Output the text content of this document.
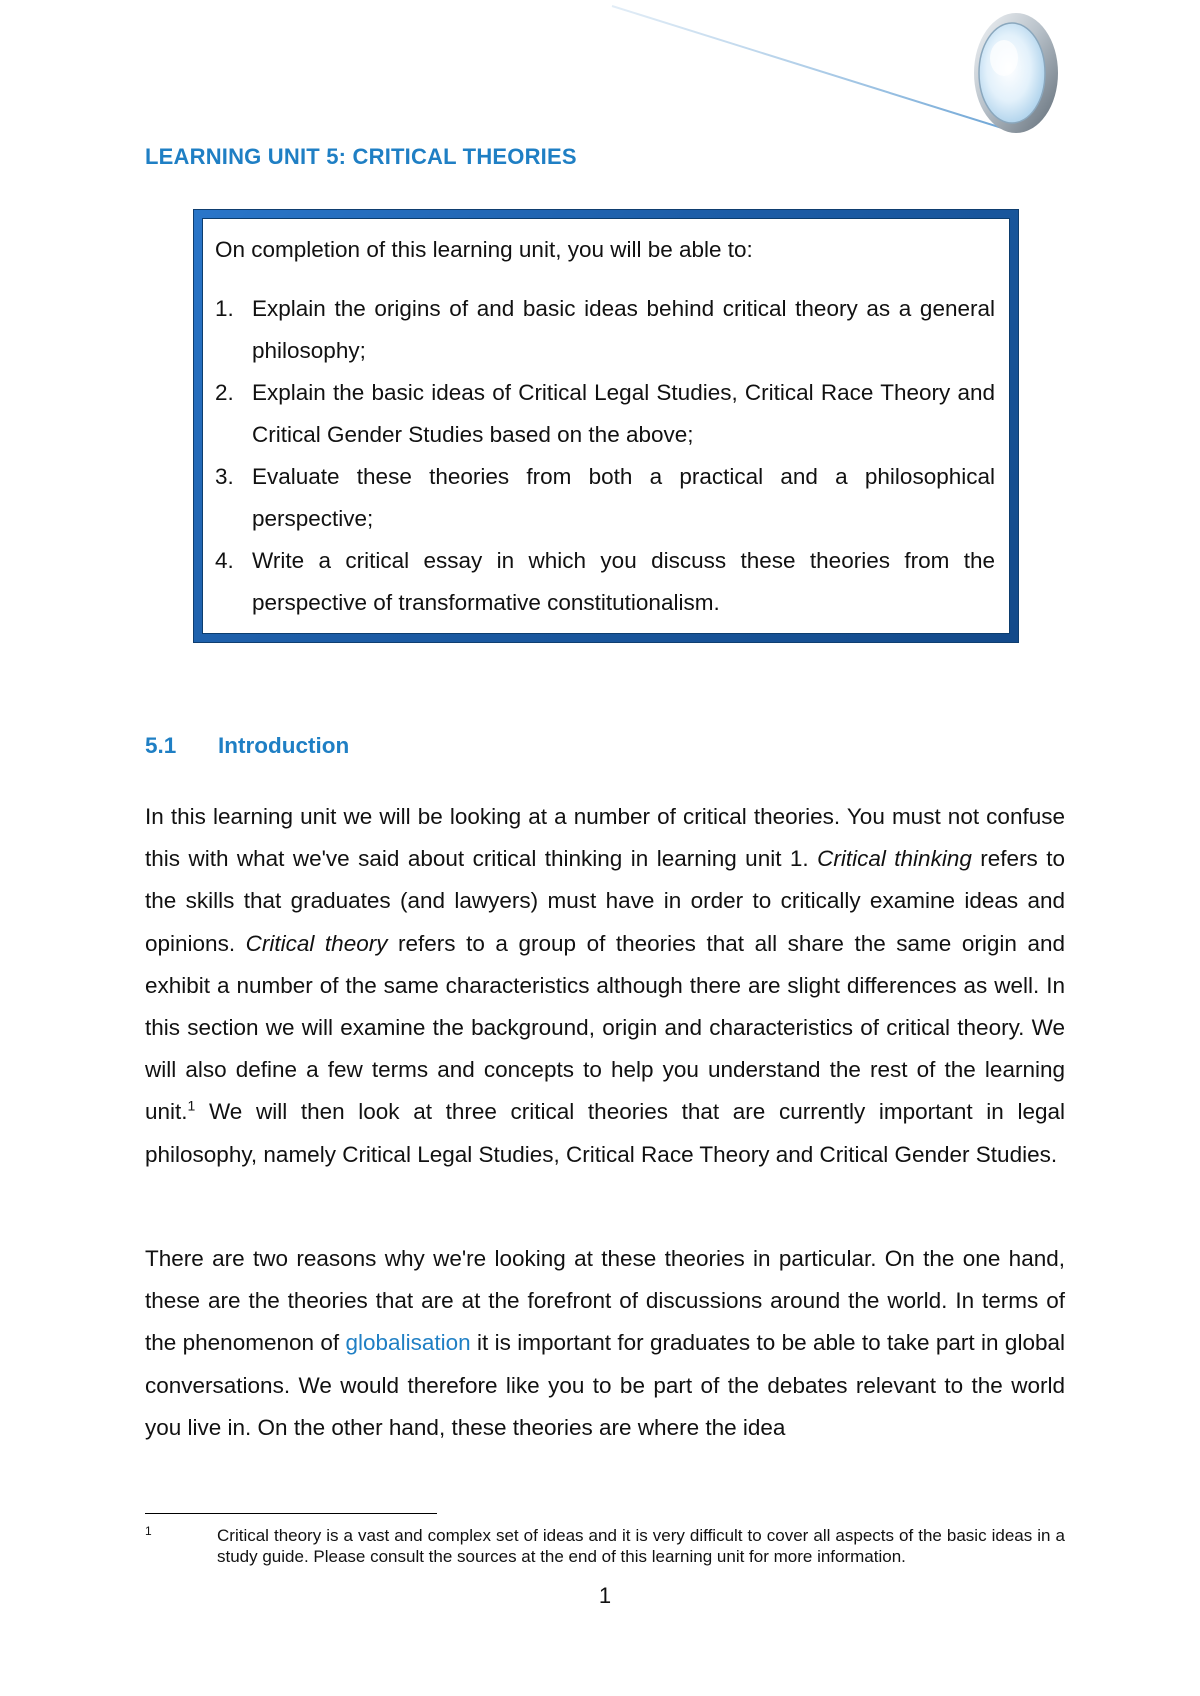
LEARNING UNIT 5: CRITICAL THEORIES

On completion of this learning unit, you will be able to:

1. Explain the origins of and basic ideas behind critical theory as a general philosophy;
2. Explain the basic ideas of Critical Legal Studies, Critical Race Theory and Critical Gender Studies based on the above;
3. Evaluate these theories from both a practical and a philosophical perspective;
4. Write a critical essay in which you discuss these theories from the perspective of transformative constitutionalism.
5.1 Introduction

In this learning unit we will be looking at a number of critical theories. You must not confuse this with what we've said about critical thinking in learning unit 1. Critical thinking refers to the skills that graduates (and lawyers) must have in order to critically examine ideas and opinions. Critical theory refers to a group of theories that all share the same origin and exhibit a number of the same characteristics although there are slight differences as well. In this section we will examine the background, origin and characteristics of critical theory. We will also define a few terms and concepts to help you understand the rest of the learning unit.$^1$ We will then look at three critical theories that are currently important in legal philosophy, namely Critical Legal Studies, Critical Race Theory and Critical Gender Studies.

There are two reasons why we're looking at these theories in particular. On the one hand, these are the theories that are at the forefront of discussions around the world. In terms of the phenomenon of globalisation it is important for graduates to be able to take part in global conversations. We would therefore like you to be part of the debates relevant to the world you live in. On the other hand, these theories are where the idea

1	Critical theory is a vast and complex set of ideas and it is very difficult to cover all aspects of the basic ideas in a study guide. Please consult the sources at the end of this learning unit for more information.

1
